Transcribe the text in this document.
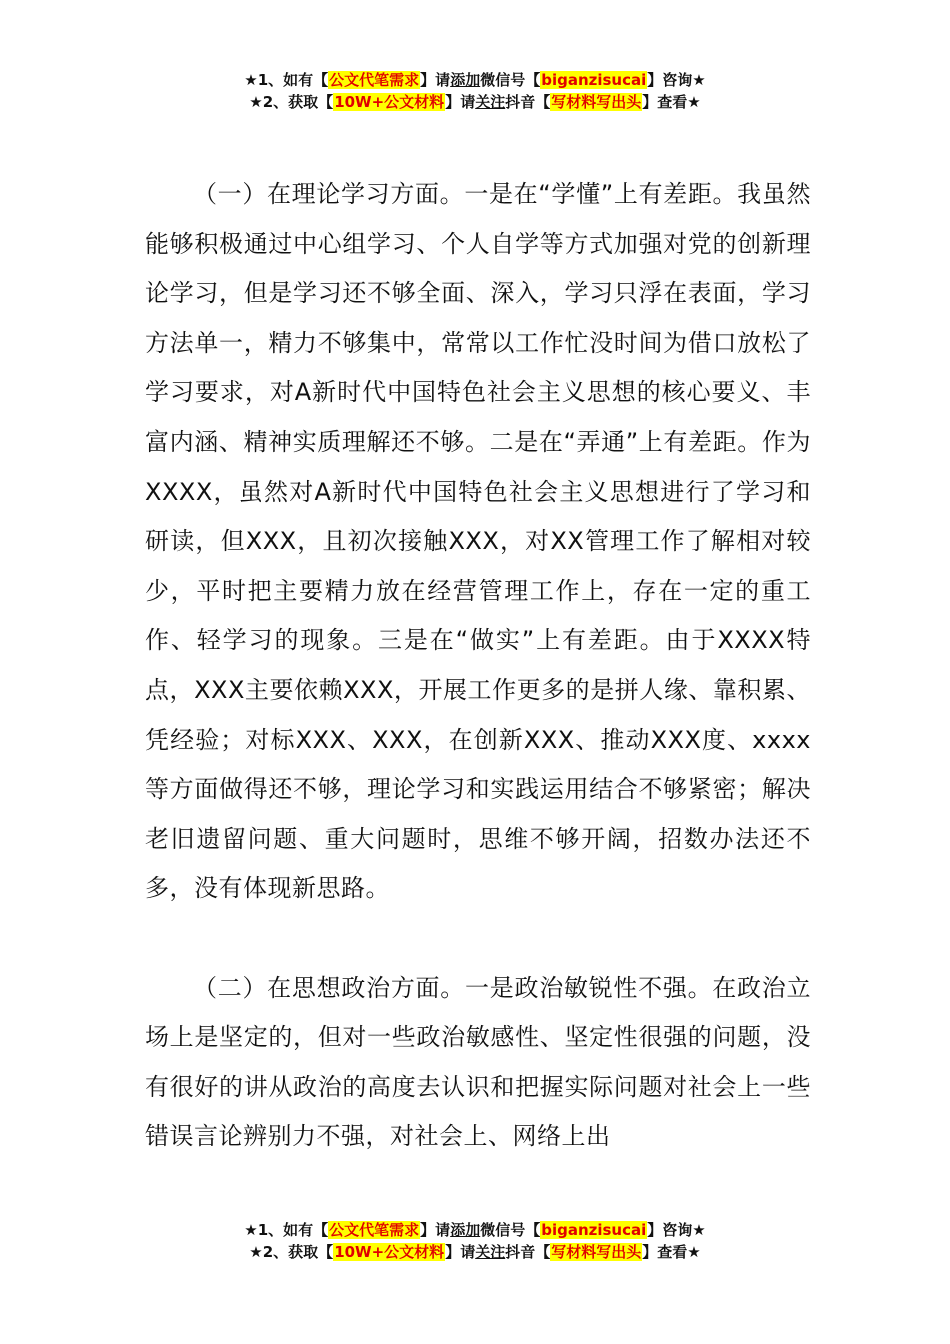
★1、如有【公文代笔需求】请添加微信号【biganzisucai】咨询★
★2、获取【10W+公文材料】请关注抖音【写材料写出头】查看★

（一）在理论学习方面。一是在“学懂”上有差距。我虽然能够积极通过中心组学习、个人自学等方式加强对党的创新理论学习，但是学习还不够全面、深入，学习只浮在表面，学习方法单一，精力不够集中，常常以工作忙没时间为借口放松了学习要求，对A新时代中国特色社会主义思想的核心要义、丰富内涵、精神实质理解还不够。二是在“弄通”上有差距。作为XXXX，虽然对A新时代中国特色社会主义思想进行了学习和研读，但XXX，且初次接触XXX，对XX管理工作了解相对较少，平时把主要精力放在经营管理工作上，存在一定的重工作、轻学习的现象。三是在“做实”上有差距。由于XXXX特点，XXX主要依赖XXX，开展工作更多的是拼人缘、靠积累、凭经验；对标XXX、XXX，在创新XXX、推动XXX度、xxxx等方面做得还不够，理论学习和实践运用结合不够紧密；解决老旧遗留问题、重大问题时，思维不够开阔，招数办法还不多，没有体现新思路。

（二）在思想政治方面。一是政治敏锐性不强。在政治立场上是坚定的，但对一些政治敏感性、坚定性很强的问题，没有很好的讲从政治的高度去认识和把握实际问题对社会上一些错误言论辨别力不强，对社会上、网络上出

★1、如有【公文代笔需求】请添加微信号【biganzisucai】咨询★
★2、获取【10W+公文材料】请关注抖音【写材料写出头】查看★
